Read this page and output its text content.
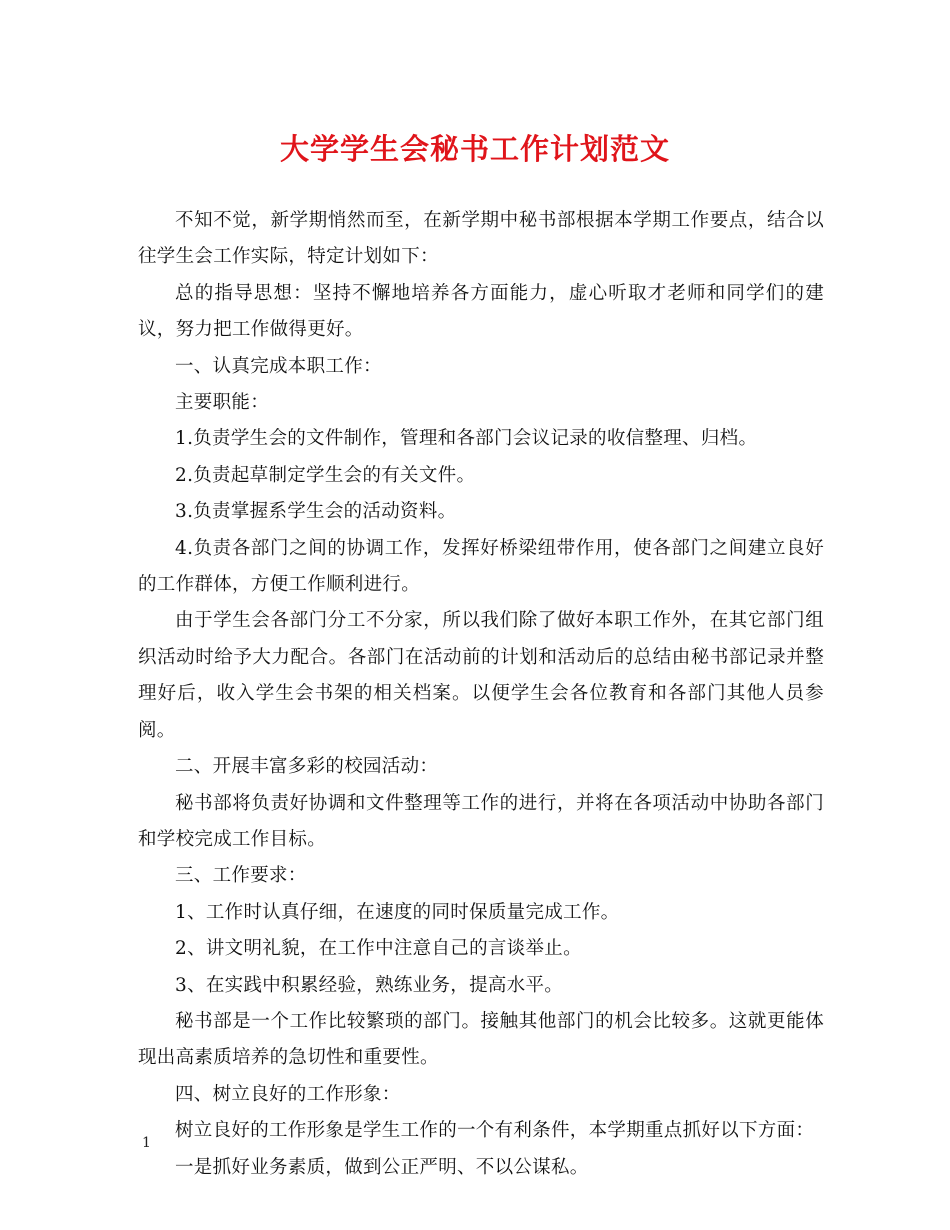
大学学生会秘书工作计划范文

不知不觉，新学期悄然而至，在新学期中秘书部根据本学期工作要点，结合以往学生会工作实际，特定计划如下：

总的指导思想：坚持不懈地培养各方面能力，虚心听取才老师和同学们的建议，努力把工作做得更好。

一、认真完成本职工作：

主要职能：

1.负责学生会的文件制作，管理和各部门会议记录的收信整理、归档。

2.负责起草制定学生会的有关文件。

3.负责掌握系学生会的活动资料。

4.负责各部门之间的协调工作，发挥好桥梁纽带作用，使各部门之间建立良好的工作群体，方便工作顺利进行。

由于学生会各部门分工不分家，所以我们除了做好本职工作外，在其它部门组织活动时给予大力配合。各部门在活动前的计划和活动后的总结由秘书部记录并整理好后，收入学生会书架的相关档案。以便学生会各位教育和各部门其他人员参阅。

二、开展丰富多彩的校园活动：

秘书部将负责好协调和文件整理等工作的进行，并将在各项活动中协助各部门和学校完成工作目标。

三、工作要求：

1、工作时认真仔细，在速度的同时保质量完成工作。

2、讲文明礼貌，在工作中注意自己的言谈举止。

3、在实践中积累经验，熟练业务，提高水平。

秘书部是一个工作比较繁琐的部门。接触其他部门的机会比较多。这就更能体现出高素质培养的急切性和重要性。

四、树立良好的工作形象：

树立良好的工作形象是学生工作的一个有利条件，本学期重点抓好以下方面：

一是抓好业务素质，做到公正严明、不以公谋私。

1
